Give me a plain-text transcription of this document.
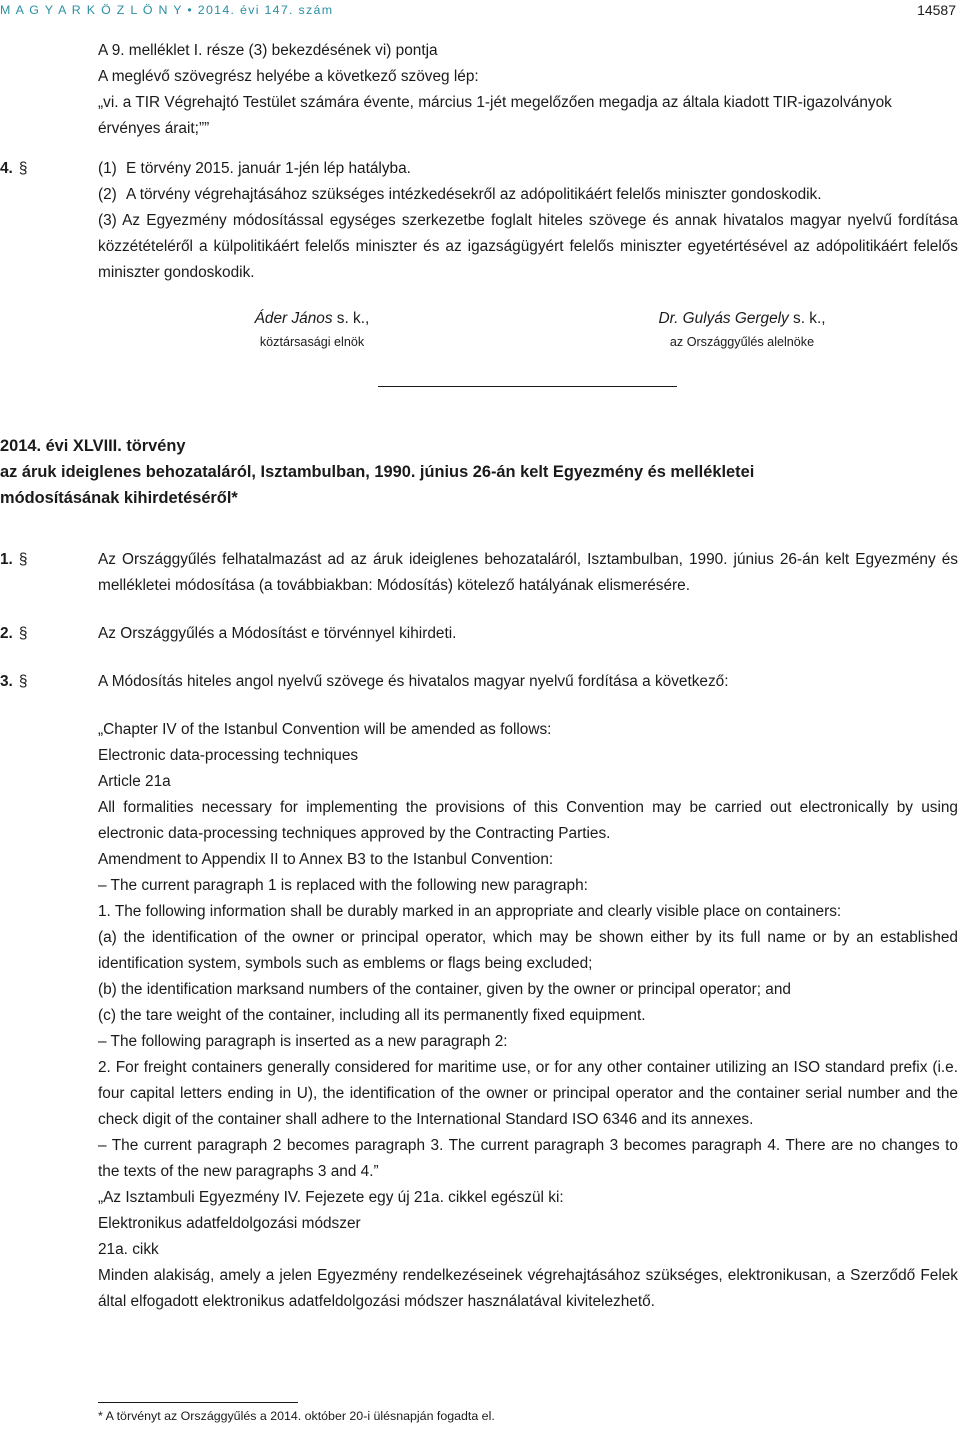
M A G Y A R K Ö Z L Ö N Y • 2014. évi 147. szám	14587

A 9. melléklet I. része (3) bekezdésének vi) pontja

A meglévő szövegrész helyébe a következő szöveg lép:

„vi. a TIR Végrehajtó Testület számára évente, március 1-jét megelőzően megadja az általa kiadott TIR-igazolványok érvényes árait;””

4. §	(1) E törvény 2015. január 1-jén lép hatályba.

(2) A törvény végrehajtásához szükséges intézkedésekről az adópolitikáért felelős miniszter gondoskodik.

(3) Az Egyezmény módosítással egységes szerkezetbe foglalt hiteles szövege és annak hivatalos magyar nyelvű fordítása közzétételéről a külpolitikáért felelős miniszter és az igazságügyért felelős miniszter egyetértésével az adópolitikáért felelős miniszter gondoskodik.

Áder János s. k.,
köztársasági elnök
Dr. Gulyás Gergely s. k.,
az Országgyűlés alelnöke
2014. évi XLVIII. törvény
az áruk ideiglenes behozataláról, Isztambulban, 1990. június 26-án kelt Egyezmény és mellékletei
módosításának kihirdetéséről*
1. §	Az Országgyűlés felhatalmazást ad az áruk ideiglenes behozataláról, Isztambulban, 1990. június 26-án kelt Egyezmény és mellékletei módosítása (a továbbiakban: Módosítás) kötelező hatályának elismerésére.

2. §	Az Országgyűlés a Módosítást e törvénnyel kihirdeti.

3. §	A Módosítás hiteles angol nyelvű szövege és hivatalos magyar nyelvű fordítása a következő:

„Chapter IV of the Istanbul Convention will be amended as follows:

Electronic data-processing techniques

Article 21a

All formalities necessary for implementing the provisions of this Convention may be carried out electronically by using electronic data-processing techniques approved by the Contracting Parties.

Amendment to Appendix II to Annex B3 to the Istanbul Convention:

– The current paragraph 1 is replaced with the following new paragraph:

1. The following information shall be durably marked in an appropriate and clearly visible place on containers:

(a) the identification of the owner or principal operator, which may be shown either by its full name or by an established identification system, symbols such as emblems or flags being excluded;

(b) the identification marksand numbers of the container, given by the owner or principal operator; and

(c) the tare weight of the container, including all its permanently fixed equipment.

– The following paragraph is inserted as a new paragraph 2:

2. For freight containers generally considered for maritime use, or for any other container utilizing an ISO standard prefix (i.e. four capital letters ending in U), the identification of the owner or principal operator and the container serial number and the check digit of the container shall adhere to the International Standard ISO 6346 and its annexes.

– The current paragraph 2 becomes paragraph 3. The current paragraph 3 becomes paragraph 4. There are no changes to the texts of the new paragraphs 3 and 4.”

„Az Isztambuli Egyezmény IV. Fejezete egy új 21a. cikkel egészül ki:

Elektronikus adatfeldolgozási módszer

21a. cikk

Minden alakiság, amely a jelen Egyezmény rendelkezéseinek végrehajtásához szükséges, elektronikusan, a Szerződő Felek által elfogadott elektronikus adatfeldolgozási módszer használatával kivitelezhető.

* A törvényt az Országgyűlés a 2014. október 20-i ülésnapján fogadta el.
